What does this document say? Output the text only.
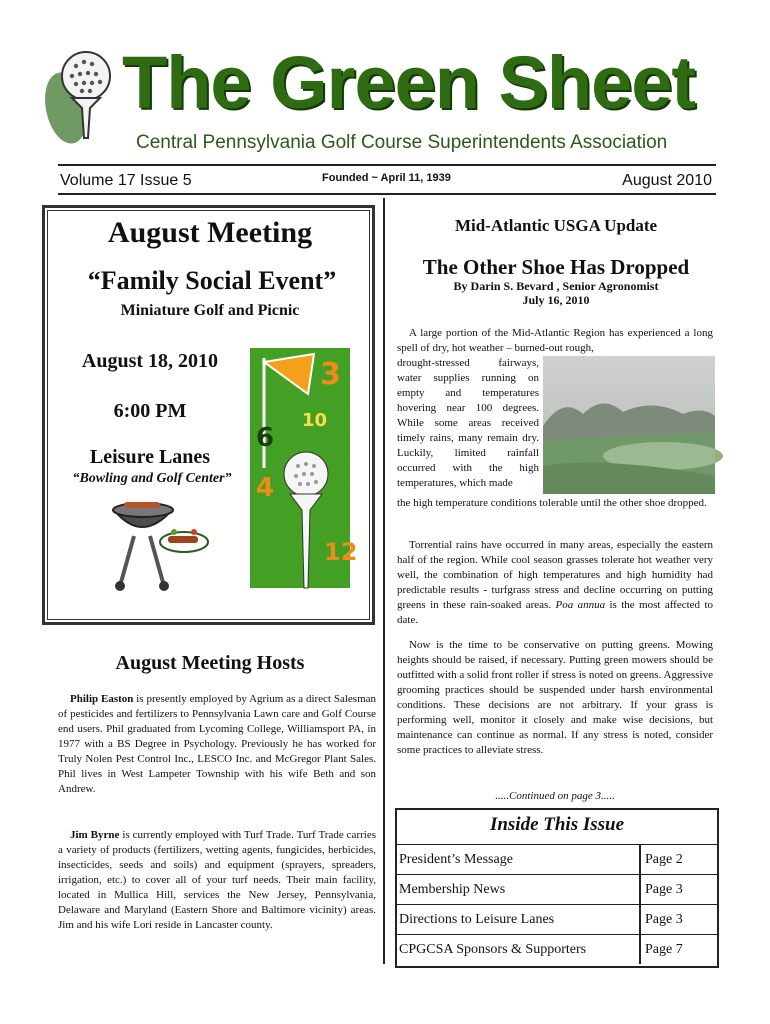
The Green Sheet
Central Pennsylvania Golf Course Superintendents Association
Volume 17 Issue 5	Founded ~ April 11, 1939	August 2010
August Meeting
“Family Social Event”
Miniature Golf and Picnic
August 18, 2010
6:00 PM
Leisure Lanes
“Bowling and Golf Center”
3
6
10
4
12
August Meeting Hosts

Philip Easton is presently employed by Agrium as a direct Salesman of pesticides and fertilizers to Pennsylvania Lawn care and Golf Course end users. Phil graduated from Lycoming College, Williamsport PA, in 1977 with a BS Degree in Psychology. Previously he has worked for Truly Nolen Pest Control Inc., LESCO Inc. and McGregor Plant Sales. Phil lives in West Lampeter Township with his wife Beth and son Andrew.

Jim Byrne is currently employed with Turf Trade. Turf Trade carries a variety of products (fertilizers, wetting agents, fungicides, herbicides, insecticides, seeds and soils) and equipment (sprayers, spreaders, irrigation, etc.) to cover all of your turf needs. Their main facility, located in Mullica Hill, services the New Jersey, Pennsylvania, Delaware and Maryland (Eastern Shore and Baltimore vicinity) areas. Jim and his wife Lori reside in Lancaster county.

Mid-Atlantic USGA Update
The Other Shoe Has Dropped
By Darin S. Bevard , Senior Agronomist
July 16, 2010

A large portion of the Mid-Atlantic Region has experienced a long spell of dry, hot weather – burned-out rough,

drought-stressed fairways, water supplies running on empty and temperatures hovering near 100 degrees. While some areas received timely rains, many remain dry. Luckily, limited rainfall occurred with the high temperatures, which made
the high temperature conditions tolerable until the other shoe dropped.

Torrential rains have occurred in many areas, especially the eastern half of the region. While cool season grasses tolerate hot weather very well, the combination of high temperatures and high humidity had predictable results - turfgrass stress and decline occurring on putting greens in these rain-soaked areas. Poa annua is the most affected to date.

Now is the time to be conservative on putting greens. Mowing heights should be raised, if necessary. Putting green mowers should be outfitted with a solid front roller if stress is noted on greens. Aggressive grooming practices should be suspended under harsh environmental conditions. These decisions are not arbitrary. If your grass is performing well, monitor it closely and make wise decisions, but maintenance can continue as normal. If any stress is noted, consider some practices to alleviate stress.

.....Continued on page 3.....
Inside This Issue
President’s Message	Page 2
Membership News	Page 3
Directions to Leisure Lanes	Page 3
CPGCSA Sponsors & Supporters	Page 7
